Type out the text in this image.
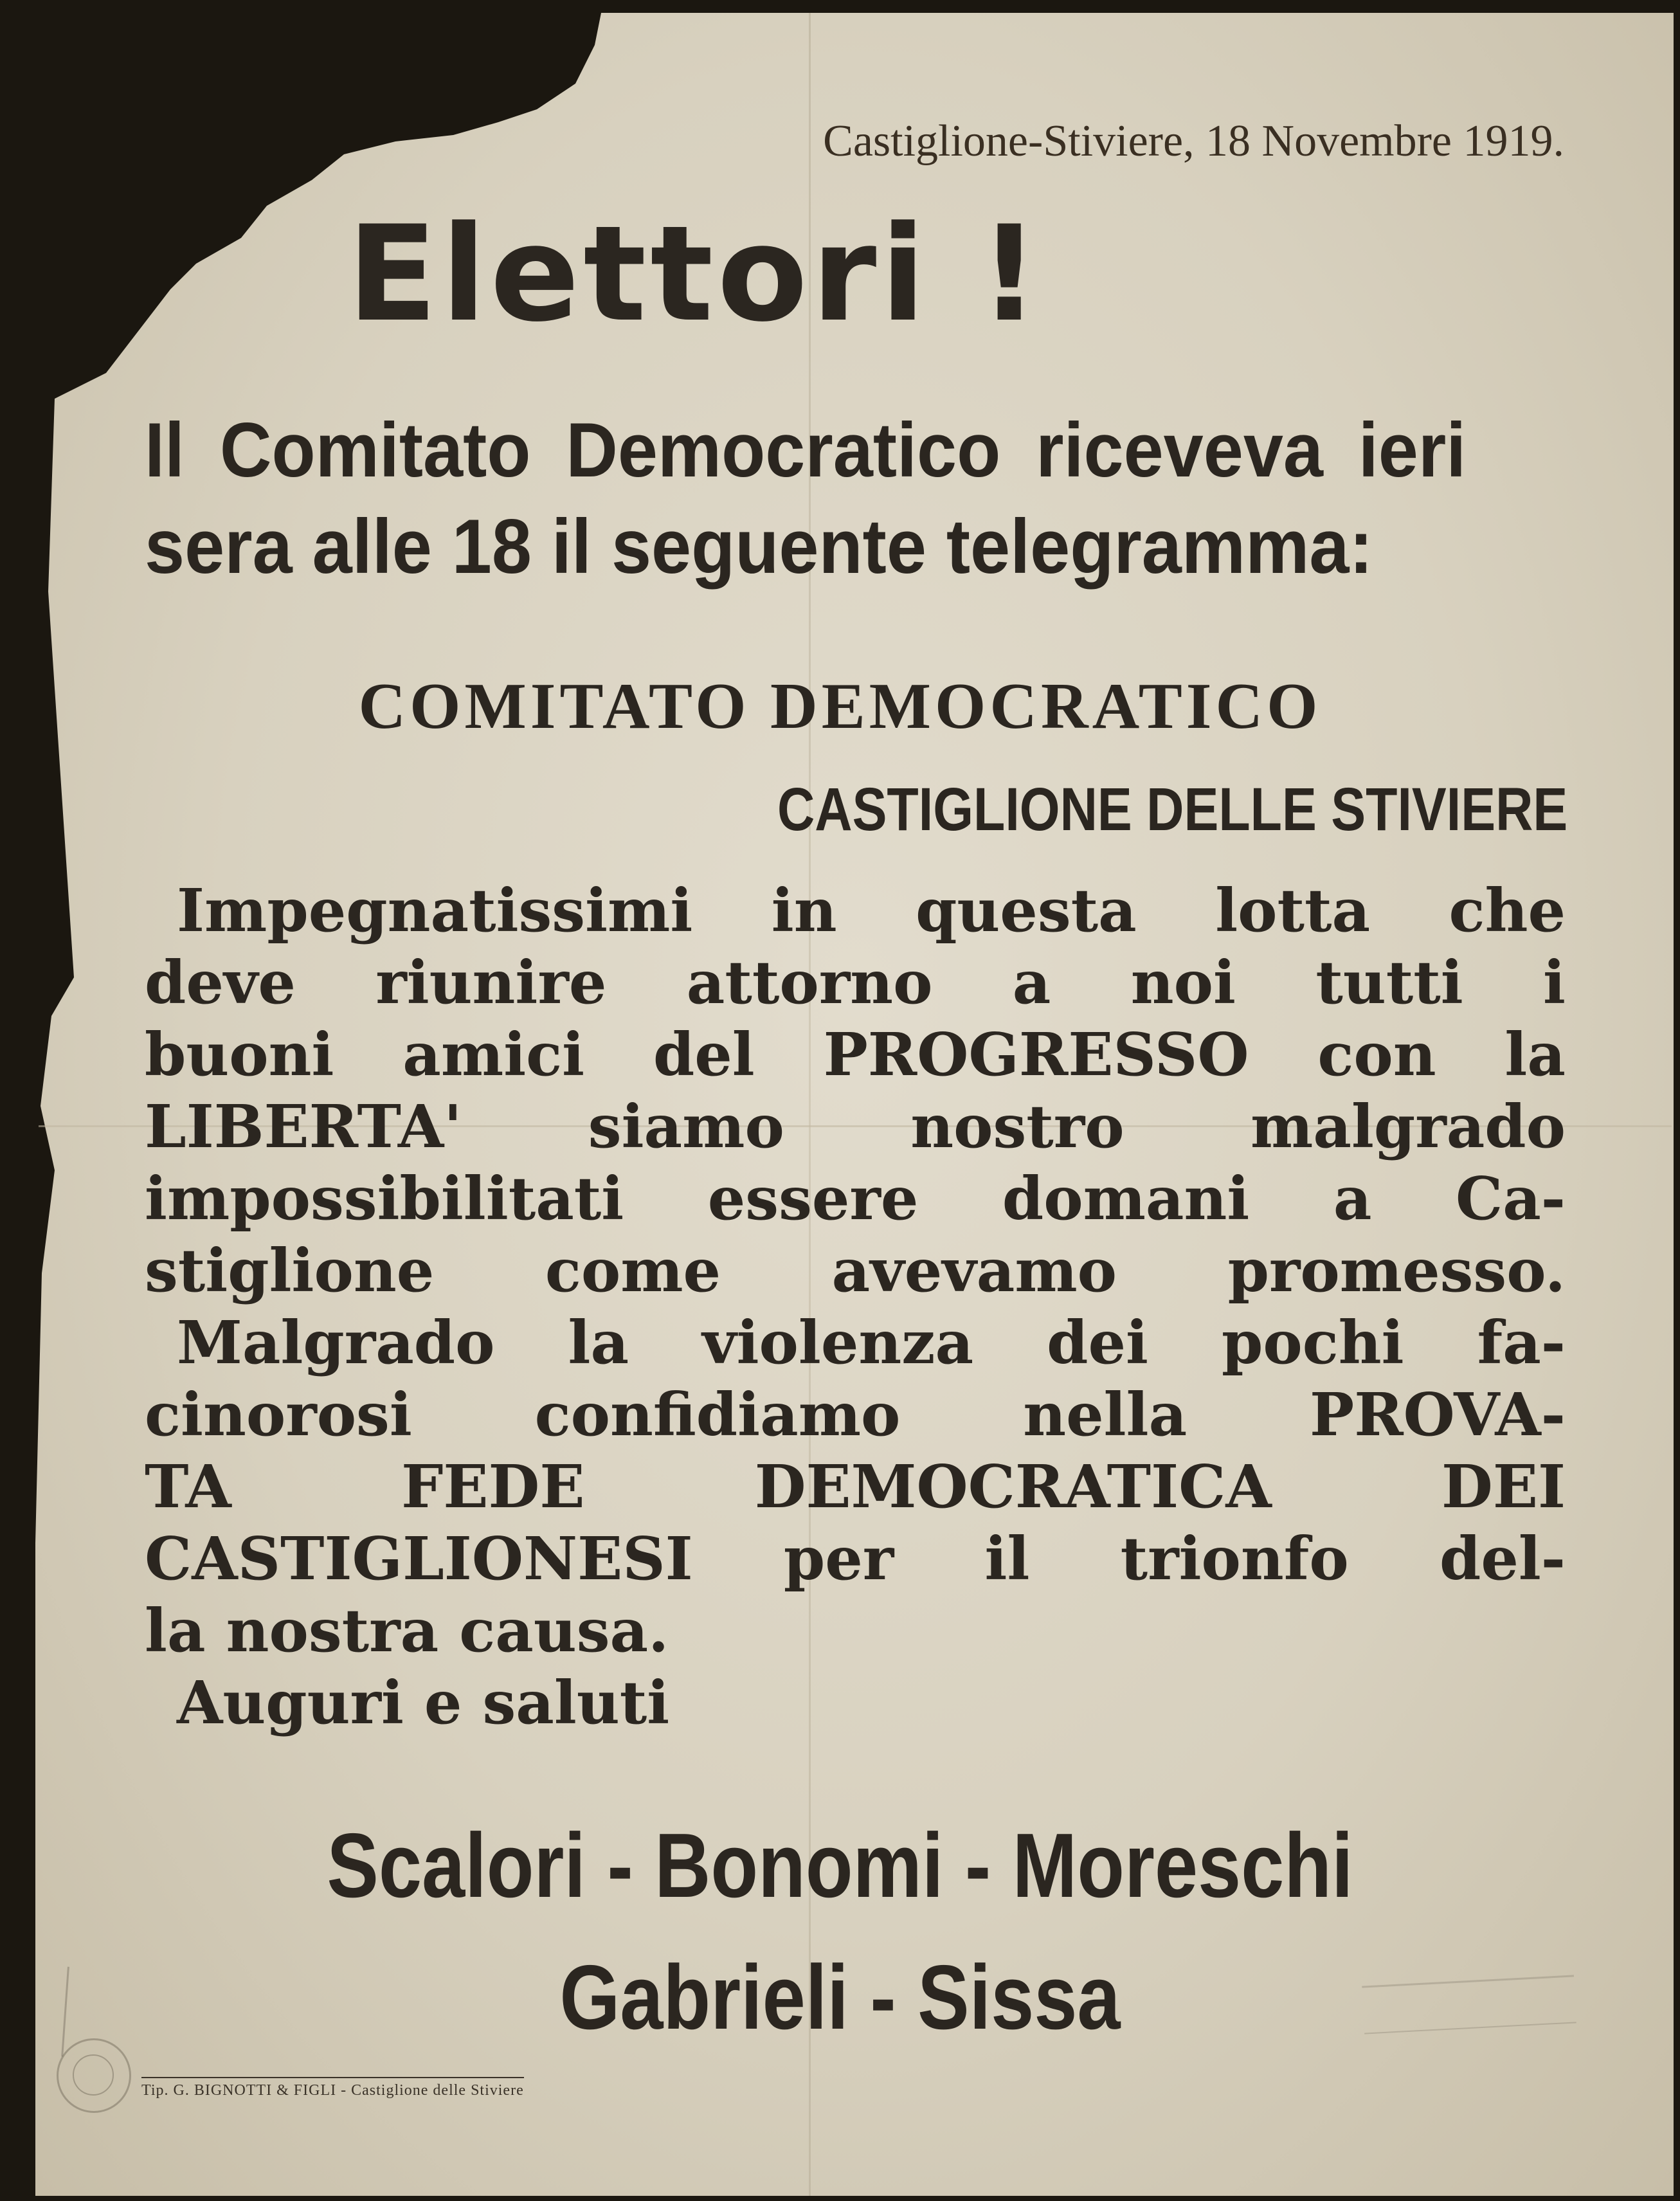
Castiglione-Stiviere, 18 Novembre 1919.

Elettori !

Il Comitato Democratico riceveva ieri sera alle 18 il seguente telegramma:

COMITATO DEMOCRATICO

CASTIGLIONE DELLE STIVIERE

Impegnatissimi in questa lotta che
deve riunire attorno a noi tutti i
buoni amici del PROGRESSO con la
LIBERTA' siamo nostro malgrado
impossibilitati essere domani a Ca-
stiglione come avevamo promesso.
Malgrado la violenza dei pochi fa-
cinorosi confidiamo nella PROVA-
TA FEDE DEMOCRATICA DEI
CASTIGLIONESI per il trionfo del-
la nostra causa.
Auguri e saluti

Scalori - Bonomi - Moreschi

Gabrieli - Sissa

Tip. G. BIGNOTTI & FIGLI - Castiglione delle Stiviere
